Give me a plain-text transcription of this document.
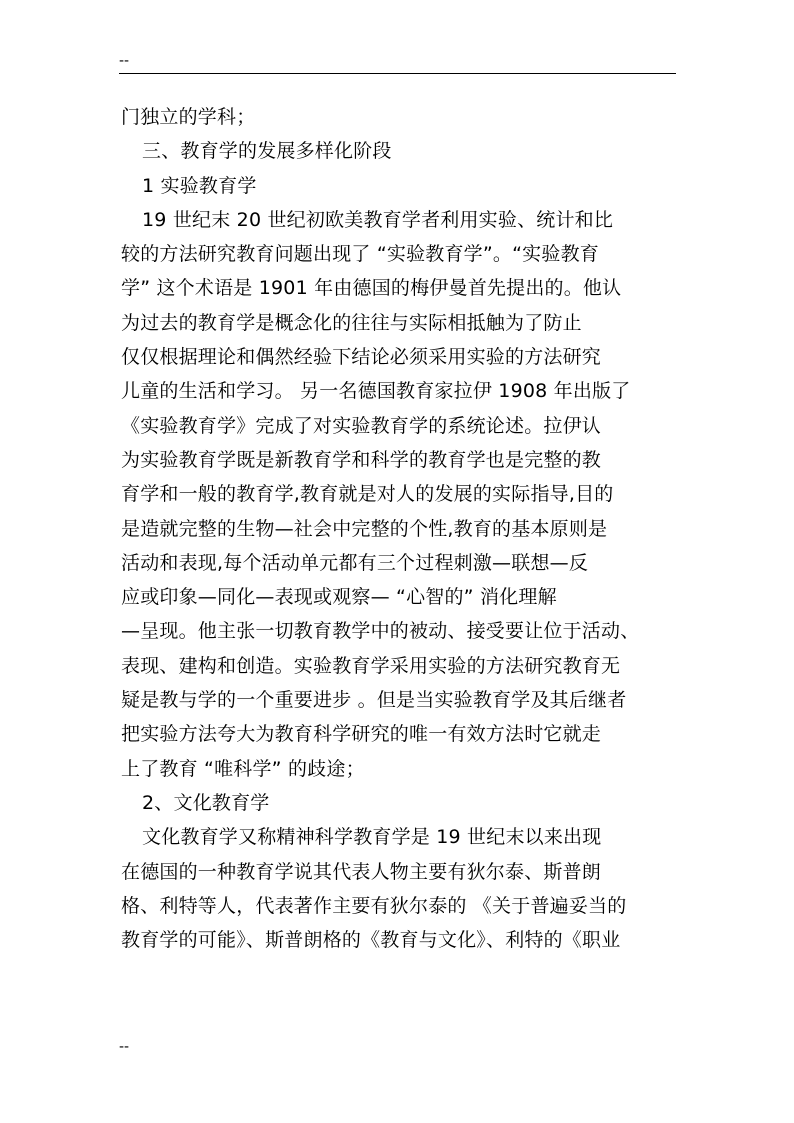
--
门独立的学科；
三、教育学的发展多样化阶段
1 实验教育学
19 世纪末 20 世纪初欧美教育学者利用实验、统计和比
较的方法研究教育问题出现了 “实验教育学”。“实验教育
学” 这个术语是 1901 年由德国的梅伊曼首先提出的。他认
为过去的教育学是概念化的往往与实际相抵触为了防止
仅仅根据理论和偶然经验下结论必须采用实验的方法研究
儿童的生活和学习。 另一名德国教育家拉伊 1908 年出版了
《实验教育学》完成了对实验教育学的系统论述。拉伊认
为实验教育学既是新教育学和科学的教育学也是完整的教
育学和一般的教育学,教育就是对人的发展的实际指导,目的
是造就完整的生物—社会中完整的个性,教育的基本原则是
活动和表现,每个活动单元都有三个过程刺激—联想—反
应或印象—同化—表现或观察— “心智的” 消化理解
—呈现。他主张一切教育教学中的被动、接受要让位于活动、
表现、建构和创造。实验教育学采用实验的方法研究教育无
疑是教与学的一个重要进步 。但是当实验教育学及其后继者
把实验方法夸大为教育科学研究的唯一有效方法时它就走
上了教育 “唯科学” 的歧途；
2、文化教育学
文化教育学又称精神科学教育学是 19 世纪末以来出现
在德国的一种教育学说其代表人物主要有狄尔泰、斯普朗
格、利特等人，代表著作主要有狄尔泰的 《关于普遍妥当的
教育学的可能》、斯普朗格的《教育与文化》、利特的《职业
--
